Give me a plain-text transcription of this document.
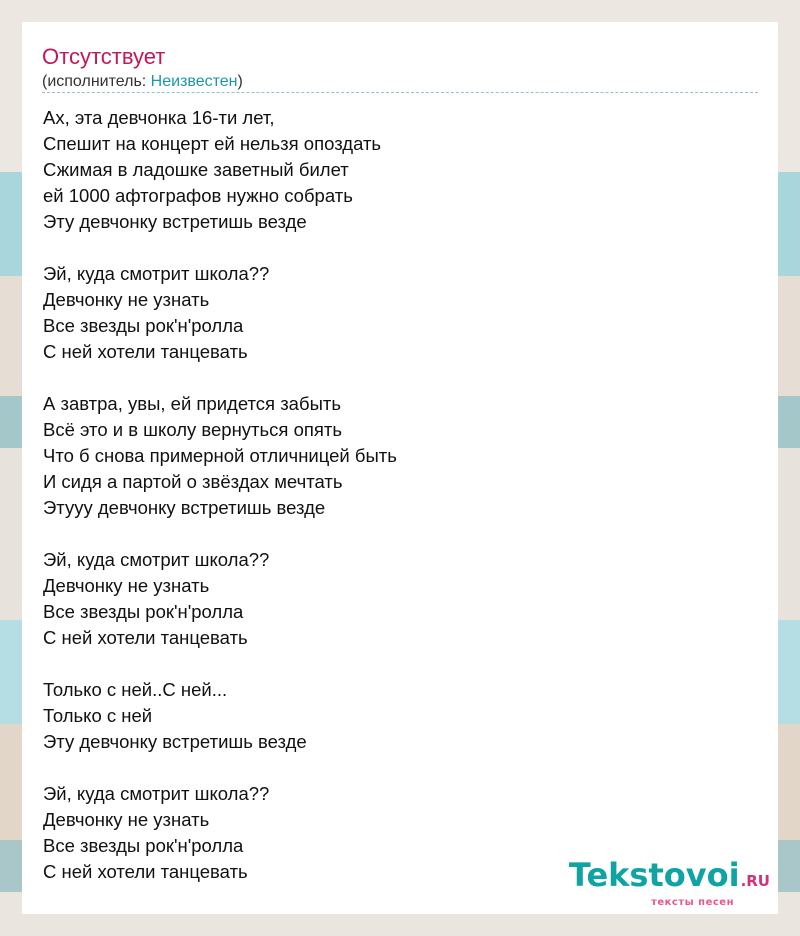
Отсутствует
(исполнитель: Неизвестен)
Ах, эта девчонка 16-ти лет,
Спешит на концерт ей нельзя опоздать
Сжимая в ладошке заветный билет
ей 1000 афтографов нужно собрать
Эту девчонку встретишь везде
Эй, куда смотрит школа??
Девчонку не узнать
Все звезды рок'н'ролла
С ней хотели танцевать
А завтра, увы, ей придется забыть
Всё это и в школу вернуться опять
Что б снова примерной отличницей быть
И сидя а партой о звёздах мечтать
Этууу девчонку встретишь везде
Эй, куда смотрит школа??
Девчонку не узнать
Все звезды рок'н'ролла
С ней хотели танцевать
Только с ней..С ней...
Только с ней
Эту девчонку встретишь везде
Эй, куда смотрит школа??
Девчонку не узнать
Все звезды рок'н'ролла
С ней хотели танцевать	Tekstovoi.RU
тексты песен
